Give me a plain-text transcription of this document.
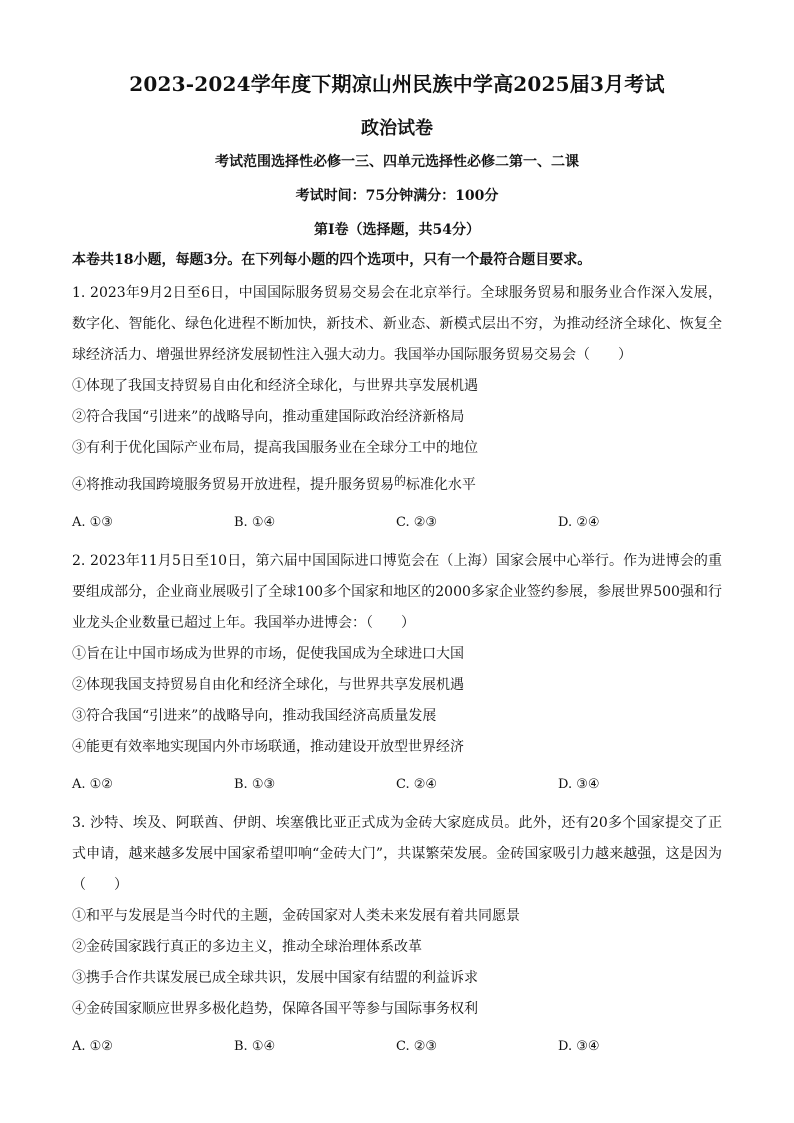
2023-2024学年度下期凉山州民族中学高2025届3月考试
政治试卷

考试范围选择性必修一三、四单元选择性必修二第一、二课

考试时间：75分钟满分：100分

第Ⅰ卷（选择题，共54分）

本卷共18小题，每题3分。在下列每小题的四个选项中，只有一个最符合题目要求。

1. 2023年9月2日至6日，中国国际服务贸易交易会在北京举行。全球服务贸易和服务业合作深入发展，数字化、智能化、绿色化进程不断加快，新技术、新业态、新模式层出不穷，为推动经济全球化、恢复全球经济活力、增强世界经济发展韧性注入强大动力。我国举办国际服务贸易交易会（　　）

①体现了我国支持贸易自由化和经济全球化，与世界共享发展机遇

②符合我国“引进来”的战略导向，推动重建国际政治经济新格局

③有利于优化国际产业布局，提高我国服务业在全球分工中的地位

④将推动我国跨境服务贸易开放进程，提升服务贸易$^的$标准化水平

A. ①③	B. ①④	C. ②③	D. ②④

2. 2023年11月5日至10日，第六届中国国际进口博览会在（上海）国家会展中心举行。作为进博会的重要组成部分，企业商业展吸引了全球100多个国家和地区的2000多家企业签约参展，参展世界500强和行业龙头企业数量已超过上年。我国举办进博会：（　　）

①旨在让中国市场成为世界的市场，促使我国成为全球进口大国

②体现我国支持贸易自由化和经济全球化，与世界共享发展机遇

③符合我国“引进来”的战略导向，推动我国经济高质量发展

④能更有效率地实现国内外市场联通，推动建设开放型世界经济

A. ①②	B. ①③	C. ②④	D. ③④

3. 沙特、埃及、阿联酋、伊朗、埃塞俄比亚正式成为金砖大家庭成员。此外，还有20多个国家提交了正式申请，越来越多发展中国家希望叩响“金砖大门”，共谋繁荣发展。金砖国家吸引力越来越强，这是因为（　　）

①和平与发展是当今时代的主题，金砖国家对人类未来发展有着共同愿景

②金砖国家践行真正的多边主义，推动全球治理体系改革

③携手合作共谋发展已成全球共识，发展中国家有结盟的利益诉求

④金砖国家顺应世界多极化趋势，保障各国平等参与国际事务权利

A. ①②	B. ①④	C. ②③	D. ③④
